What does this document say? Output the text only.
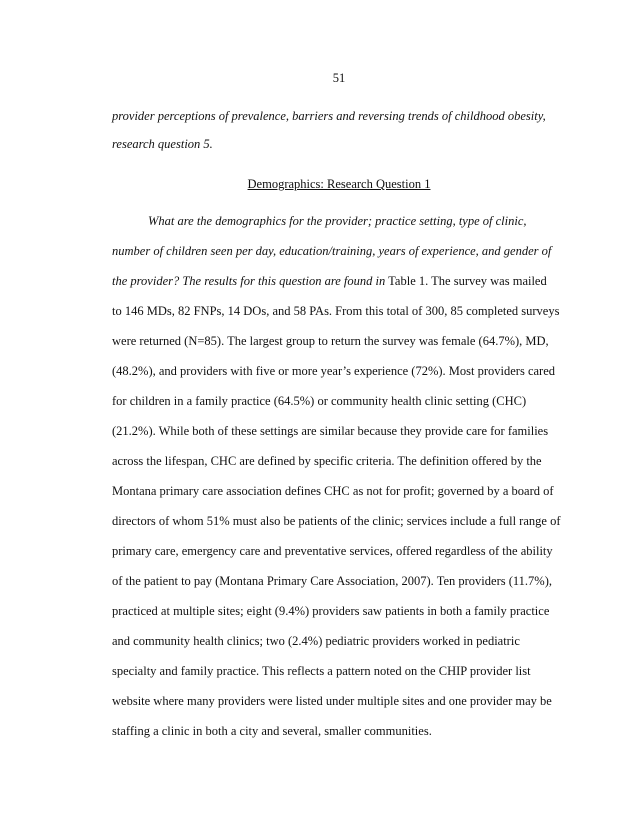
51
provider perceptions of prevalence, barriers and reversing trends of childhood obesity,
research question 5.
Demographics: Research Question 1
What are the demographics for the provider; practice setting, type of clinic,
number of children seen per day, education/training, years of experience, and gender of
the provider? The results for this question are found in Table 1. The survey was mailed
to 146 MDs, 82 FNPs, 14 DOs, and 58 PAs. From this total of 300, 85 completed surveys
were returned (N=85). The largest group to return the survey was female (64.7%), MD,
(48.2%), and providers with five or more year’s experience (72%). Most providers cared
for children in a family practice (64.5%) or community health clinic setting (CHC)
(21.2%). While both of these settings are similar because they provide care for families
across the lifespan, CHC are defined by specific criteria. The definition offered by the
Montana primary care association defines CHC as not for profit; governed by a board of
directors of whom 51% must also be patients of the clinic; services include a full range of
primary care, emergency care and preventative services, offered regardless of the ability
of the patient to pay (Montana Primary Care Association, 2007). Ten providers (11.7%),
practiced at multiple sites; eight (9.4%) providers saw patients in both a family practice
and community health clinics; two (2.4%) pediatric providers worked in pediatric
specialty and family practice. This reflects a pattern noted on the CHIP provider list
website where many providers were listed under multiple sites and one provider may be
staffing a clinic in both a city and several, smaller communities.
